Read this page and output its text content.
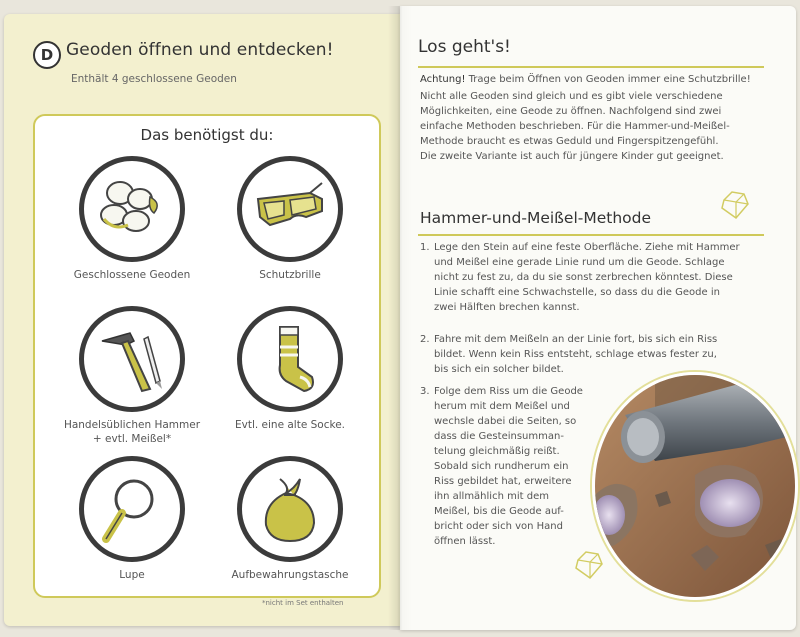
D Geoden öffnen und entdecken!
Enthält 4 geschlossene Geoden
Das benötigst du:
Geschlossene Geoden	Schutzbrille
Handelsüblichen Hammer
+ evtl. Meißel*
Evtl. eine alte Socke.
Lupe	Aufbewahrungstasche
*nicht im Set enthalten
Los geht's!
Achtung! Trage beim Öffnen von Geoden immer eine Schutzbrille!
Nicht alle Geoden sind gleich und es gibt viele verschiedene
Möglichkeiten, eine Geode zu öffnen. Nachfolgend sind zwei
einfache Methoden beschrieben. Für die Hammer-und-Meißel-
Methode braucht es etwas Geduld und Fingerspitzengefühl.
Die zweite Variante ist auch für jüngere Kinder gut geeignet.
Hammer-und-Meißel-Methode
1. Lege den Stein auf eine feste Oberfläche. Ziehe mit Hammer
und Meißel eine gerade Linie rund um die Geode. Schlage
nicht zu fest zu, da du sie sonst zerbrechen könntest. Diese
Linie schafft eine Schwachstelle, so dass du die Geode in
zwei Hälften brechen kannst.
2. Fahre mit dem Meißeln an der Linie fort, bis sich ein Riss
bildet. Wenn kein Riss entsteht, schlage etwas fester zu,
bis sich ein solcher bildet.
3. Folge dem Riss um die Geode
herum mit dem Meißel und
wechsle dabei die Seiten, so
dass die Gesteinsumman-
telung gleichmäßig reißt.
Sobald sich rundherum ein
Riss gebildet hat, erweitere
ihn allmählich mit dem
Meißel, bis die Geode auf-
bricht oder sich von Hand
öffnen lässt.
